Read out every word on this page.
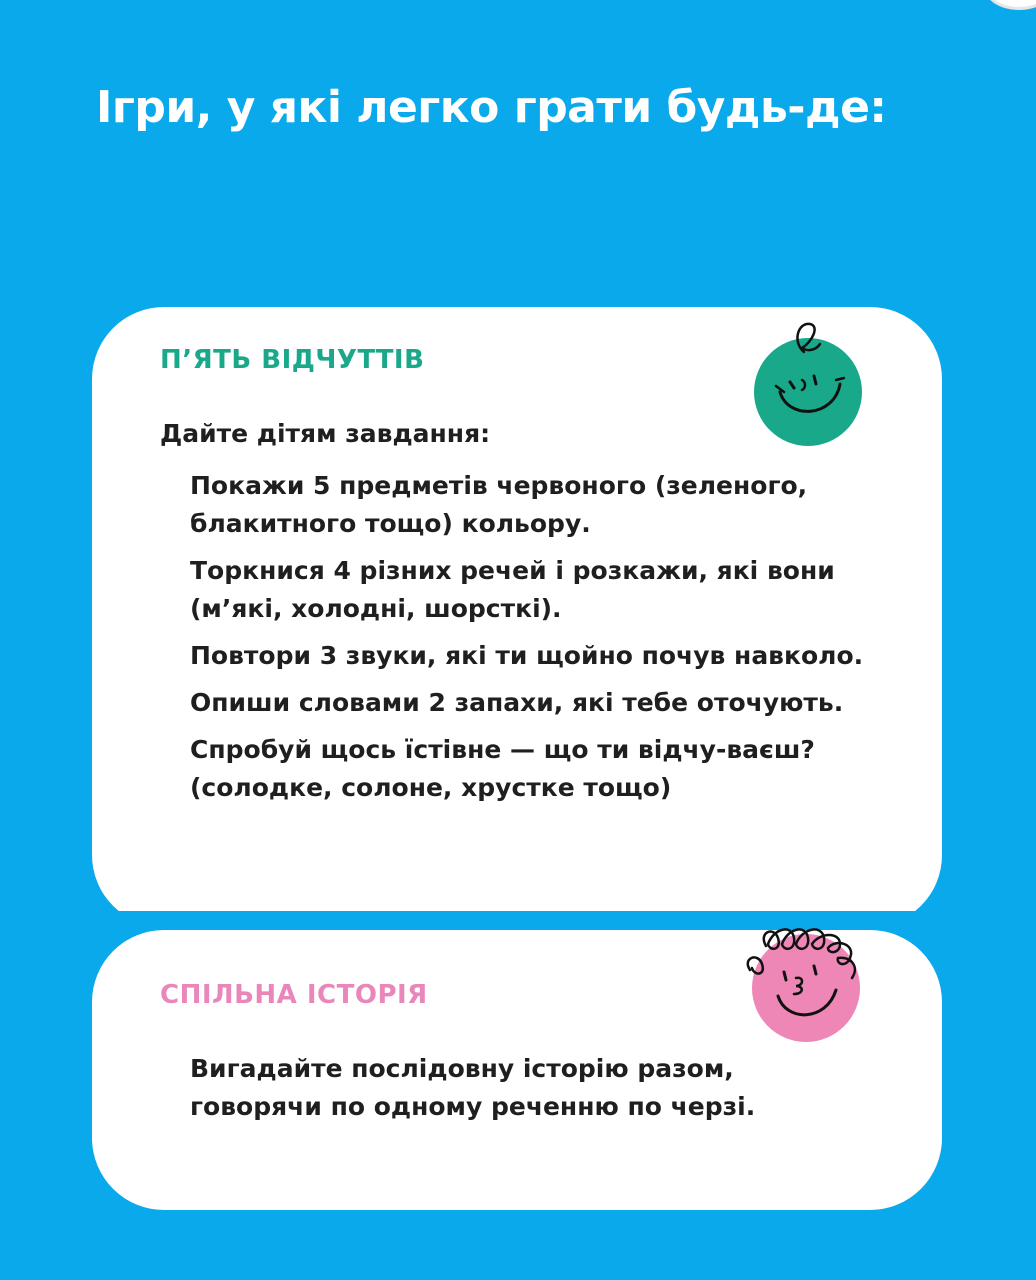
Ігри, у які легко грати будь-де:
П’ЯТЬ ВІДЧУТТІВ

Дайте дітям завдання:

Покажи 5 предметів червоного (зеленого, блакитного тощо) кольору.
Торкнися 4 різних речей і розкажи, які вони (м’які, холодні, шорсткі).
Повтори 3 звуки, які ти щойно почув навколо.
Опиши словами 2 запахи, які тебе оточують.
Спробуй щось їстівне — що ти відчу-ваєш? (солодке, солоне, хрустке тощо)
СПІЛЬНА ІСТОРІЯ

Вигадайте послідовну історію разом, говорячи по одному реченню по черзі.
